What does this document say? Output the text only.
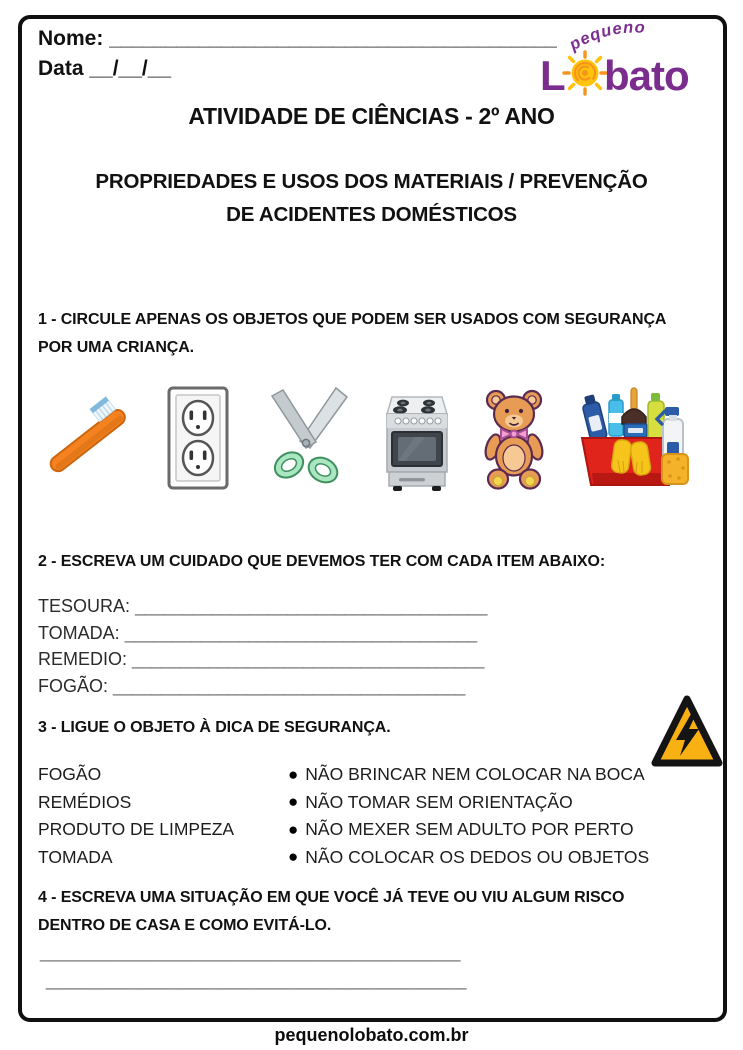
Nome: ________________________________________
Data __/__/__
pequeno
L bato
ATIVIDADE DE CIÊNCIAS - 2º ANO
PROPRIEDADES E USOS DOS MATERIAIS / PREVENÇÃO
DE ACIDENTES DOMÉSTICOS
1 - CIRCULE APENAS OS OBJETOS QUE PODEM SER USADOS COM SEGURANÇA
POR UMA CRIANÇA.
2 - ESCREVA UM CUIDADO QUE DEVEMOS TER COM CADA ITEM ABAIXO:
TESOURA: _____________________________________
TOMADA: _____________________________________
REMEDIO: _____________________________________
FOGÃO: _____________________________________
3 - LIGUE O OBJETO À DICA DE SEGURANÇA.
FOGÃO	● NÃO BRINCAR NEM COLOCAR NA BOCA
REMÉDIOS	● NÃO TOMAR SEM ORIENTAÇÃO
PRODUTO DE LIMPEZA	● NÃO MEXER SEM ADULTO POR PERTO
TOMADA	● NÃO COLOCAR OS DEDOS OU OBJETOS
4 - ESCREVA UMA SITUAÇÃO EM QUE VOCÊ JÁ TEVE OU VIU ALGUM RISCO
DENTRO DE CASA E COMO EVITÁ-LO.
__________________________________________
__________________________________________
pequenolobato.com.br
